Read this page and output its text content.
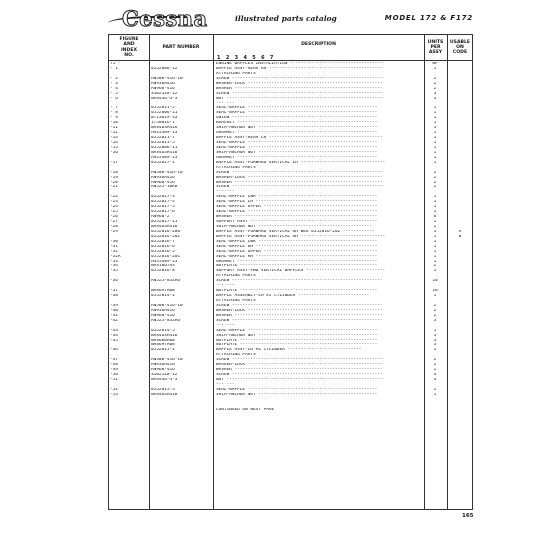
Cessna	illustrated parts catalog	MODEL 172 & F172
FIGURE
AND
INDEX
NO.
PART NUMBER
DESCRIPTION
1 2 3 4 5 6 7
UNITS
PER
ASSY
USABLE
ON
CODE
71 -	ENGINE BAFFLES INSTALLATION -----------------------------------	NP
- 1	0552006-12	BAFFLE ASSY-REAR RH -------------------------------------------	1
ATTACHING PARTS
- 2	AN500-416-10	SCREW ---------------------------------------------------------	2
- 3	AN936A416	WASHER-LOCK ---------------------------------------------------	2
- 4	AN960-416	WASHER --------------------------------------------------------	2
- 5	S1021Z8-12	SCREW ---------------------------------------------------------	3
- 6	NAS446-4-3	NUT -----------------------------------------------------------	3
---*---
- 7	0552011-5	SEAL-BAFFLE -------------------------------------------------	1
- 8	0552006-11	SEAL-BAFFLE -------------------------------------------------	1
- 9	0713019-33	UNION -------------------------------------------------------	1
-10	1750016-1	BRACKET -----------------------------------------------------	1
-11	NAS463A416	SHIM-ANCHOR NUT ---------------------------------------------	1
-12	MS35489-13	GROMMET -----------------------------------------------------	1
-13	0552011-7	BAFFLE ASSY-REAR LH -------------------------------------------	1
-14	0552011-5	SEAL-BAFFLE -------------------------------------------------	1
-15	0552006-11	SEAL-BAFFLE -------------------------------------------------	1
-16	NAS463A416	SHIM-ANCHOR NUT ---------------------------------------------	1
MS35489-13	GROMMET -----------------------------------------------------	1
-17	0552017-1	BAFFLE ASSY-FORWARD VERTICAL LH --------------------------------	1
ATTACHING PARTS
-18	AN500-416-10	SCREW ---------------------------------------------------------	2
-19	AN936A416	WASHER-LOCK ---------------------------------------------------	2
-20	AN960-416	WASHER --------------------------------------------------------	2
-21	AN525-10R6	SCREW ---------------------------------------------------------	2
---*---
-22	0552017-3	SEAL-BAFFLE LWR ---------------------------------------------	1
-23	0552017-4	SEAL-BAFFLE LH ----------------------------------------------	1
-24	0552017-5	SEAL-BAFFLE UPPER -------------------------------------------	1
-25	0552017-6	SEAL-BAFFLE -------------------------------------------------	1
-26	AN960-2	WASHER ------------------------------------------------------	6
-27	0552017-11	SUPPORT ASSY ------------------------------------------------	1
-28	NAS463A416	SHIM-ANCHOR NUT -------------------------------------------	2
-29	0552016-200	BAFFLE ASSY-FORWARD VERTICAL RH WEU 0552016-202 ------------	1	A
0552016-202	BAFFLE ASSY-FORWARD VERTICAL RH --------------------------------	1	B
-30	0552016-7	SEAL-BAFFLE LWR ---------------------------------------------	1
-31	0552016-6	SEAL-BAFFLE RH ----------------------------------------------	1
-32	0552016-5	SEAL-BAFFLE UPPER -------------------------------------------	1
-32A	0552016-201	SEAL-BAFFLE RH ----------------------------------------------	1
-33	MS35489-13	GROMMET -----------------------------------------------------	1
-34	NAS1067A3	NUTPLATE ----------------------------------------------------	2
-35	0552016-8	SUPPORT ASSY-FWD VERTICAL BAFFLES ------------------------------	1
ATTACHING PARTS
-36	AN525-832R6	SCREW ---------------------------------------------------------	10
---*---
-37	NAS697A08	NUTPLATE ----------------------------------------------------	10
-38	0552014-1	BAFFLE ASSEMBLY-LH #2 CYLINDER ---------------------------	1
ATTACHING PARTS
-39	AN500-416-10	SCREW ---------------------------------------------------------	2
-40	AN936A416	WASHER-LOCK ---------------------------------------------------	2
-41	AN960-416	WASHER --------------------------------------------------------	2
-42	AN525-832R6	SCREW ---------------------------------------------------------	3
---*---
-43	0552014-5	SEAL-BAFFLE -------------------------------------------------	1
-44	NAS463A416	SHIM-ANCHOR NUT ---------------------------------------------	1
-45	NAS680A08	NUTPLATE ----------------------------------------------------	3
NAS697A08	NUTPLATE ----------------------------------------------------	3
-46	0552015-1	BAFFLE ASSY-LH #4 CYLINDER ----------------------------	1
ATTACHING PARTS
-47	AN500-416-10	SCREW ---------------------------------------------------------	2
-48	AN936A416	WASHER-LOCK ---------------------------------------------------	2
-49	AN960-416	WASHER --------------------------------------------------------	2
-50	S1021Z8-12	SCREW ---------------------------------------------------------	4
-51	NAS446-4-3	NUT -----------------------------------------------------------	4
---*---
-52	0552015-3	SEAL-BAFFLE -------------------------------------------------	1
-53	NAS463A416	SHIM-ANCHOR NUT ---------------------------------------------	1
CONTINUED ON NEXT PAGE
165
